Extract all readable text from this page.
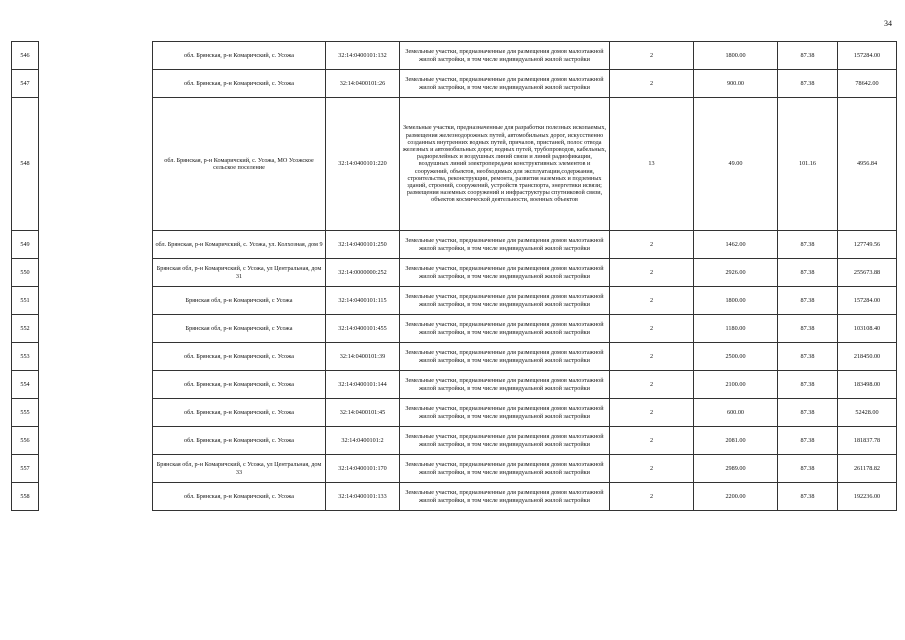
34
546		обл. Брянская, р-н Комаричский, с. Усожа	32:14:0400101:132	Земельные участки, предназначенные для размещения домов малоэтажной жилой застройки, в том числе индивидуальной жилой застройки	2	1800.00	87.38	157284.00
547		обл. Брянская, р-н Комаричский, с. Усожа	32:14:0400101:26	Земельные участки, предназначенные для размещения домов малоэтажной жилой застройки, в том числе индивидуальной жилой застройки	2	900.00	87.38	78642.00
548		обл. Брянская, р-н Комаричский, с. Усожа, МО Усожское сельское поселение	32:14:0400101:220	Земельные участки, предназначенные для разработки полезных ископаемых, размещения железнодорожных путей, автомобильных дорог, искусственно созданных внутренних водных путей, причалов, пристаней, полос отвода железных и автомобильных дорог, водных путей, трубопроводов, кабельных, радиорелейных и воздушных линий связи и линий радиофикации, воздушных линий электропередачи конструктивных элементов и сооружений, объектов, необходимых для эксплуатации,содержания, строительства, реконструкции, ремонта, развития наземных и подземных зданий, строений, сооружений, устройств транспорта, энергетики исвязи; размещения наземных сооружений и инфраструктуры спутниковой связи, объектов космической деятельности, военных объектов	13	49.00	101.16	4956.84
549		обл. Брянская, р-н Комаричский, с. Усожа, ул. Колхозная, дом 9	32:14:0400101:250	Земельные участки, предназначенные для размещения домов малоэтажной жилой застройки, в том числе индивидуальной жилой застройки	2	1462.00	87.38	127749.56
550		Брянская обл, р-н Комаричский, с Усожа, ул Центральная, дом 31	32:14:0000000:252	Земельные участки, предназначенные для размещения домов малоэтажной жилой застройки, в том числе индивидуальной жилой застройки	2	2926.00	87.38	255673.88
551		Брянская обл, р-н Комаричский, с Усожа	32:14:0400101:115	Земельные участки, предназначенные для размещения домов малоэтажной жилой застройки, в том числе индивидуальной жилой застройки	2	1800.00	87.38	157284.00
552		Брянская обл, р-н Комаричский, с Усожа	32:14:0400101:455	Земельные участки, предназначенные для размещения домов малоэтажной жилой застройки, в том числе индивидуальной жилой застройки	2	1180.00	87.38	103108.40
553		обл. Брянская, р-н Комаричский, с. Усожа	32:14:0400101:39	Земельные участки, предназначенные для размещения домов малоэтажной жилой застройки, в том числе индивидуальной жилой застройки	2	2500.00	87.38	218450.00
554		обл. Брянская, р-н Комаричский, с. Усожа	32:14:0400101:144	Земельные участки, предназначенные для размещения домов малоэтажной жилой застройки, в том числе индивидуальной жилой застройки	2	2100.00	87.38	183498.00
555		обл. Брянская, р-н Комаричский, с. Усожа	32:14:0400101:45	Земельные участки, предназначенные для размещения домов малоэтажной жилой застройки, в том числе индивидуальной жилой застройки	2	600.00	87.38	52428.00
556		обл. Брянская, р-н Комаричский, с. Усожа	32:14:0400101:2	Земельные участки, предназначенные для размещения домов малоэтажной жилой застройки, в том числе индивидуальной жилой застройки	2	2081.00	87.38	181837.78
557		Брянская обл, р-н Комаричский, с Усожа, ул Центральная, дом 33	32:14:0400101:170	Земельные участки, предназначенные для размещения домов малоэтажной жилой застройки, в том числе индивидуальной жилой застройки	2	2989.00	87.38	261178.82
558		обл. Брянская, р-н Комаричский, с. Усожа	32:14:0400101:133	Земельные участки, предназначенные для размещения домов малоэтажной жилой застройки, в том числе индивидуальной жилой застройки	2	2200.00	87.38	192236.00
